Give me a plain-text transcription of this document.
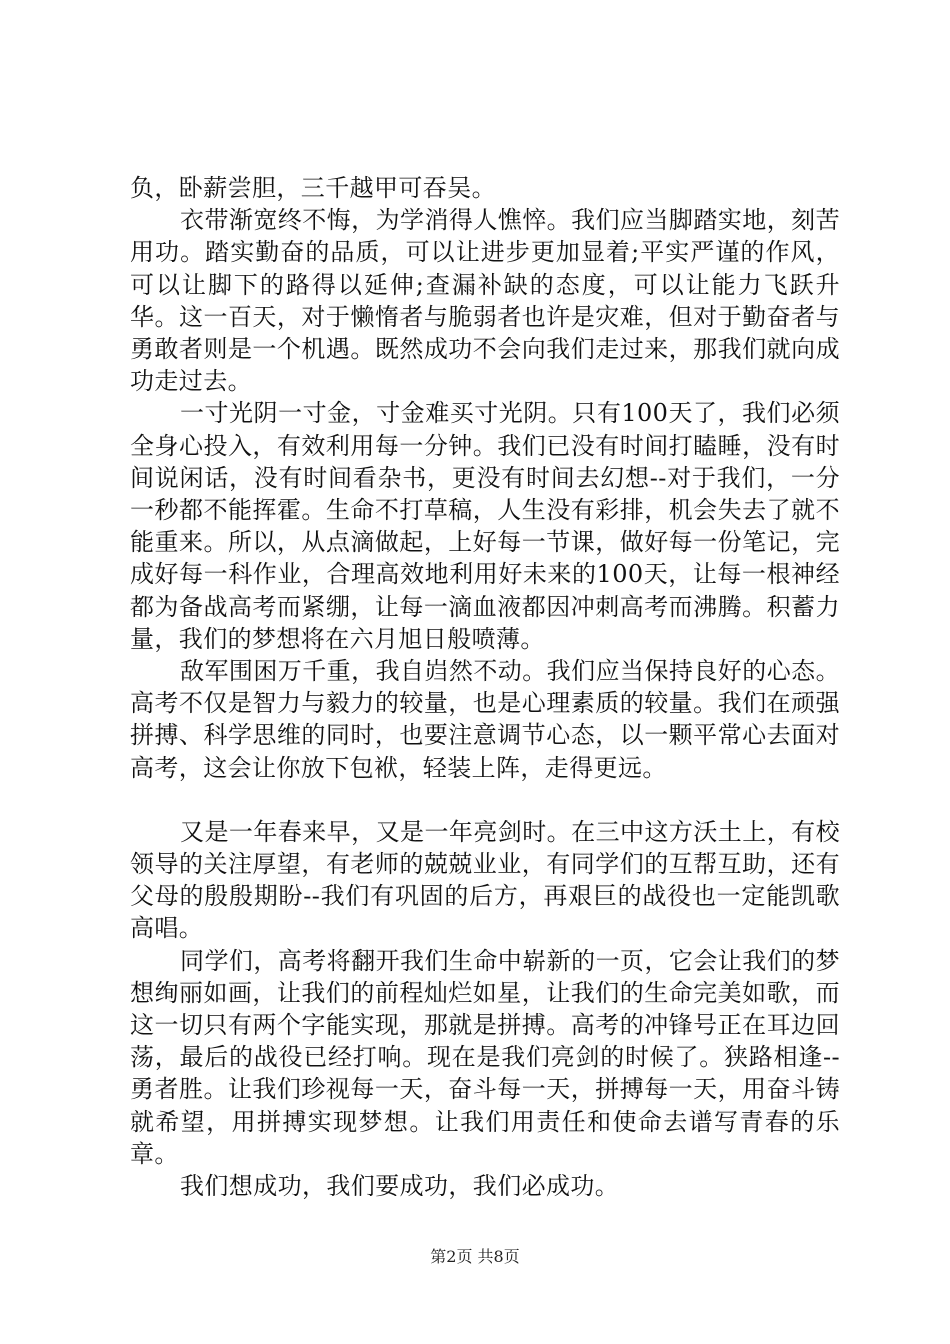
负，卧薪尝胆，三千越甲可吞吴。

衣带渐宽终不悔，为学消得人憔悴。我们应当脚踏实地，刻苦用功。踏实勤奋的品质，可以让进步更加显着;平实严谨的作风，可以让脚下的路得以延伸;查漏补缺的态度，可以让能力飞跃升华。这一百天，对于懒惰者与脆弱者也许是灾难，但对于勤奋者与勇敢者则是一个机遇。既然成功不会向我们走过来，那我们就向成功走过去。

一寸光阴一寸金，寸金难买寸光阴。只有100天了，我们必须全身心投入，有效利用每一分钟。我们已没有时间打瞌睡，没有时间说闲话，没有时间看杂书，更没有时间去幻想--对于我们，一分一秒都不能挥霍。生命不打草稿，人生没有彩排，机会失去了就不能重来。所以，从点滴做起，上好每一节课，做好每一份笔记，完成好每一科作业，合理高效地利用好未来的100天，让每一根神经都为备战高考而紧绷，让每一滴血液都因冲刺高考而沸腾。积蓄力量，我们的梦想将在六月旭日般喷薄。

敌军围困万千重，我自岿然不动。我们应当保持良好的心态。高考不仅是智力与毅力的较量，也是心理素质的较量。我们在顽强拼搏、科学思维的同时，也要注意调节心态，以一颗平常心去面对高考，这会让你放下包袱，轻装上阵，走得更远。

又是一年春来早，又是一年亮剑时。在三中这方沃土上，有校领导的关注厚望，有老师的兢兢业业，有同学们的互帮互助，还有父母的殷殷期盼--我们有巩固的后方，再艰巨的战役也一定能凯歌高唱。

同学们，高考将翻开我们生命中崭新的一页，它会让我们的梦想绚丽如画，让我们的前程灿烂如星，让我们的生命完美如歌，而这一切只有两个字能实现，那就是拼搏。高考的冲锋号正在耳边回荡，最后的战役已经打响。现在是我们亮剑的时候了。狭路相逢--勇者胜。让我们珍视每一天，奋斗每一天，拼搏每一天，用奋斗铸就希望，用拼搏实现梦想。让我们用责任和使命去谱写青春的乐章。

我们想成功，我们要成功，我们必成功。

第2页 共8页
